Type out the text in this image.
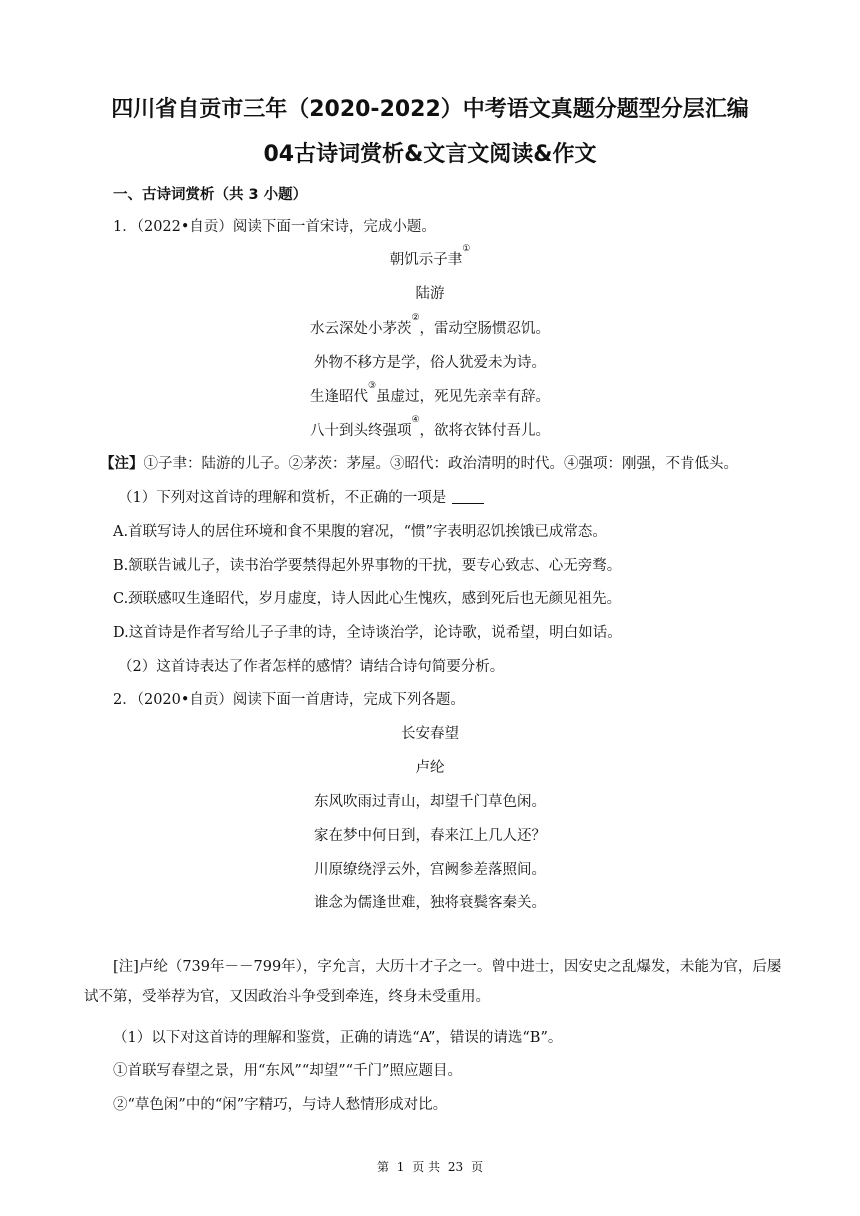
四川省自贡市三年（2020-2022）中考语文真题分题型分层汇编
04古诗词赏析&文言文阅读&作文
一、古诗词赏析（共 3 小题）
1．（2022•自贡）阅读下面一首宋诗，完成小题。
朝饥示子聿①
陆游
水云深处小茅茨②，雷动空肠惯忍饥。
外物不移方是学，俗人犹爱未为诗。
生逢昭代③虽虚过，死见先亲幸有辞。
八十到头终强项④，欲将衣钵付吾儿。
【注】①子聿：陆游的儿子。②茅茨：茅屋。③昭代：政治清明的时代。④强项：刚强，不肯低头。
（1）下列对这首诗的理解和赏析，不正确的一项是
A.首联写诗人的居住环境和食不果腹的窘况，“惯”字表明忍饥挨饿已成常态。
B.颔联告诫儿子，读书治学要禁得起外界事物的干扰，要专心致志、心无旁骛。
C.颈联感叹生逢昭代，岁月虚度，诗人因此心生愧疚，感到死后也无颜见祖先。
D.这首诗是作者写给儿子子聿的诗，全诗谈治学，论诗歌，说希望，明白如话。
（2）这首诗表达了作者怎样的感情？请结合诗句简要分析。
2．（2020•自贡）阅读下面一首唐诗，完成下列各题。
长安春望
卢纶
东风吹雨过青山，却望千门草色闲。
家在梦中何日到，春来江上几人还？
川原缭绕浮云外，宫阙参差落照间。
谁念为儒逢世难，独将衰鬓客秦关。
[注]卢纶（739年－－799年），字允言，大历十才子之一。曾中进士，因安史之乱爆发，未能为官，后屡试不第，受举荐为官，又因政治斗争受到牵连，终身未受重用。
（1）以下对这首诗的理解和鉴赏，正确的请选“A”，错误的请选“B”。
①首联写春望之景，用“东风”“却望”“千门”照应题目。
②“草色闲”中的“闲”字精巧，与诗人愁情形成对比。
第 1 页 共 23 页
